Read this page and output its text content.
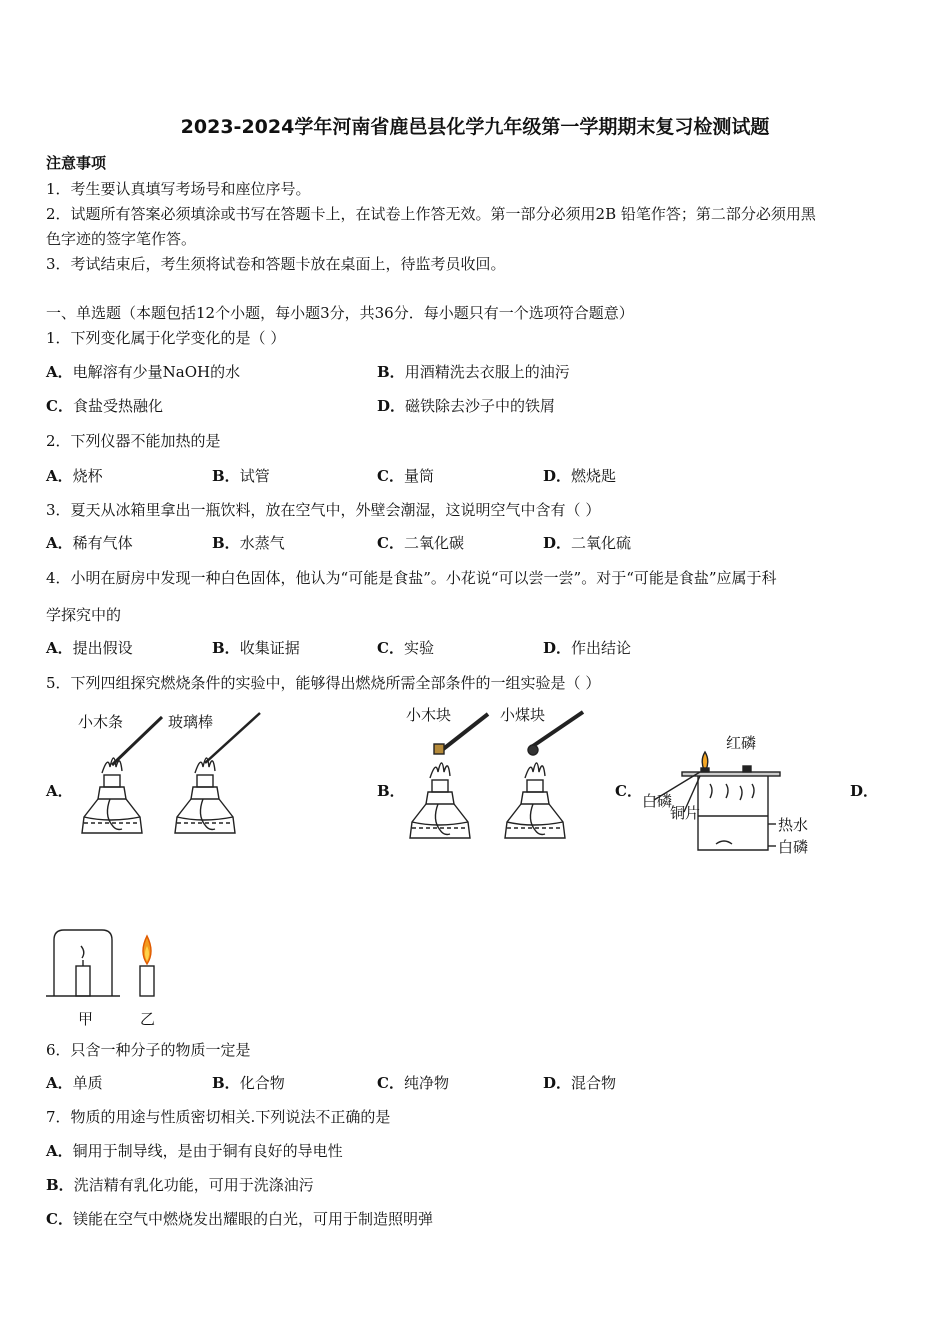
2023-2024学年河南省鹿邑县化学九年级第一学期期末复习检测试题
注意事项
1．考生要认真填写考场号和座位序号。
2．试题所有答案必须填涂或书写在答题卡上，在试卷上作答无效。第一部分必须用2B 铅笔作答；第二部分必须用黑
色字迹的签字笔作答。
3．考试结束后，考生须将试卷和答题卡放在桌面上，待监考员收回。
一、单选题（本题包括12个小题，每小题3分，共36分．每小题只有一个选项符合题意）
1．下列变化属于化学变化的是（ ）
A．电解溶有少量NaOH的水	B．用酒精洗去衣服上的油污
C．食盐受热融化	D．磁铁除去沙子中的铁屑
2．下列仪器不能加热的是
A．烧杯	B．试管	C．量筒	D．燃烧匙
3．夏天从冰箱里拿出一瓶饮料，放在空气中，外壁会潮湿，这说明空气中含有（ ）
A．稀有气体	B．水蒸气	C．二氧化碳	D．二氧化硫
4．小明在厨房中发现一种白色固体，他认为“可能是食盐”。小花说“可以尝一尝”。对于“可能是食盐”应属于科
学探究中的
A．提出假设	B．收集证据	C．实验	D．作出结论
5．下列四组探究燃烧条件的实验中，能够得出燃烧所需全部条件的一组实验是（ ）
A．	B．	C．	D．
小木条	玻璃棒	小木块	小煤块
红磷
白磷
铜片
热水
白磷
甲	乙
6．只含一种分子的物质一定是
A．单质	B．化合物	C．纯净物	D．混合物
7．物质的用途与性质密切相关.下列说法不正确的是
A．铜用于制导线，是由于铜有良好的导电性
B．洗洁精有乳化功能，可用于洗涤油污
C．镁能在空气中燃烧发出耀眼的白光，可用于制造照明弹
